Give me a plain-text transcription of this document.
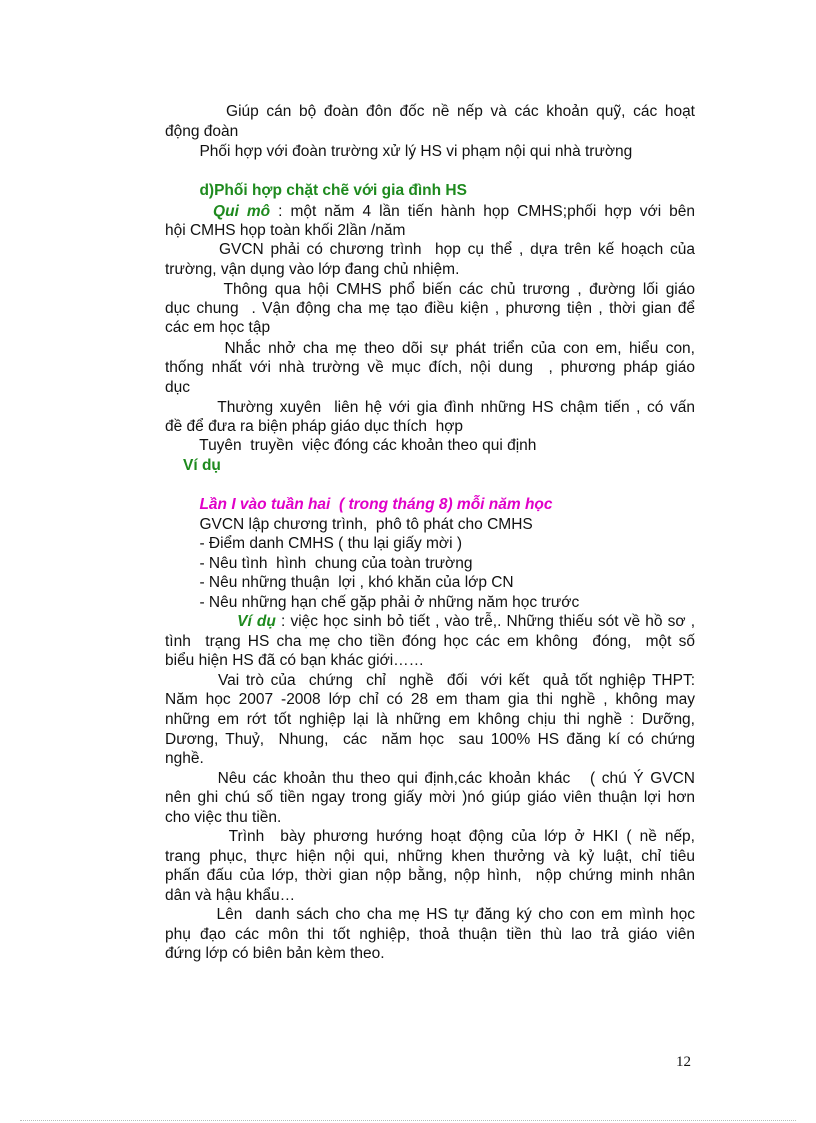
Giúp cán bộ đoàn đôn đốc nề nếp và các khoản quỹ, các hoạt
động đoàn
Phối hợp với đoàn trường xử lý HS vi phạm nội qui nhà trường
d)Phối hợp chặt chẽ với gia đình HS
Qui mô : một năm 4 lần tiến hành họp CMHS;phối hợp với bên
hội CMHS họp toàn khối 2lần /năm
GVCN phải có chương trình  họp cụ thể , dựa trên kế hoạch của
trường, vận dụng vào lớp đang chủ nhiệm.
Thông qua hội CMHS phổ biến các chủ trương , đường lối giáo
dục chung  . Vận động cha mẹ tạo điều kiện , phương tiện , thời gian để
các em học tập
Nhắc nhở cha mẹ theo dõi sự phát triển của con em, hiểu con,
thống nhất với nhà trường về mục đích, nội dung  , phương pháp giáo
dục
Thường xuyên  liên hệ với gia đình những HS chậm tiến , có vấn
đề để đưa ra biện pháp giáo dục thích  hợp
Tuyên  truyền  việc đóng các khoản theo qui định
Ví dụ
Lần I vào tuần hai  ( trong tháng 8) mỗi năm học
GVCN lập chương trình,  phô tô phát cho CMHS
- Điểm danh CMHS ( thu lại giấy mời )
- Nêu tình  hình  chung của toàn trường
- Nêu những thuận  lợi , khó khăn của lớp CN
- Nêu những hạn chế gặp phải ở những năm học trước
Ví dụ : việc học sinh bỏ tiết , vào trễ,. Những thiếu sót về hồ sơ ,
tình  trạng HS cha mẹ cho tiền đóng học các em không  đóng,  một số
biểu hiện HS đã có bạn khác giới……
Vai trò của  chứng  chỉ  nghề  đối  với kết  quả tốt nghiệp THPT:
Năm học 2007 -2008 lớp chỉ có 28 em tham gia thi nghề , không may
những em rớt tốt nghiệp lại là những em không chịu thi nghề : Dưỡng,
Dương, Thuỷ,  Nhung,  các  năm học  sau 100% HS đăng kí có chứng
nghề.
Nêu các khoản thu theo qui định,các khoản khác   ( chú Ý GVCN
nên ghi chú số tiền ngay trong giấy mời )nó giúp giáo viên thuận lợi hơn
cho việc thu tiền.
Trình  bày phương hướng hoạt động của lớp ở HKI ( nề nếp,
trang phục, thực hiện nội qui, những khen thưởng và kỷ luật, chỉ tiêu
phấn đấu của lớp, thời gian nộp bằng, nộp hình,  nộp chứng minh nhân
dân và hậu khẩu…
Lên  danh sách cho cha mẹ HS tự đăng ký cho con em mình học
phụ đạo các môn thi tốt nghiệp, thoả thuận tiền thù lao trả giáo viên
đứng lớp có biên bản kèm theo.
12
